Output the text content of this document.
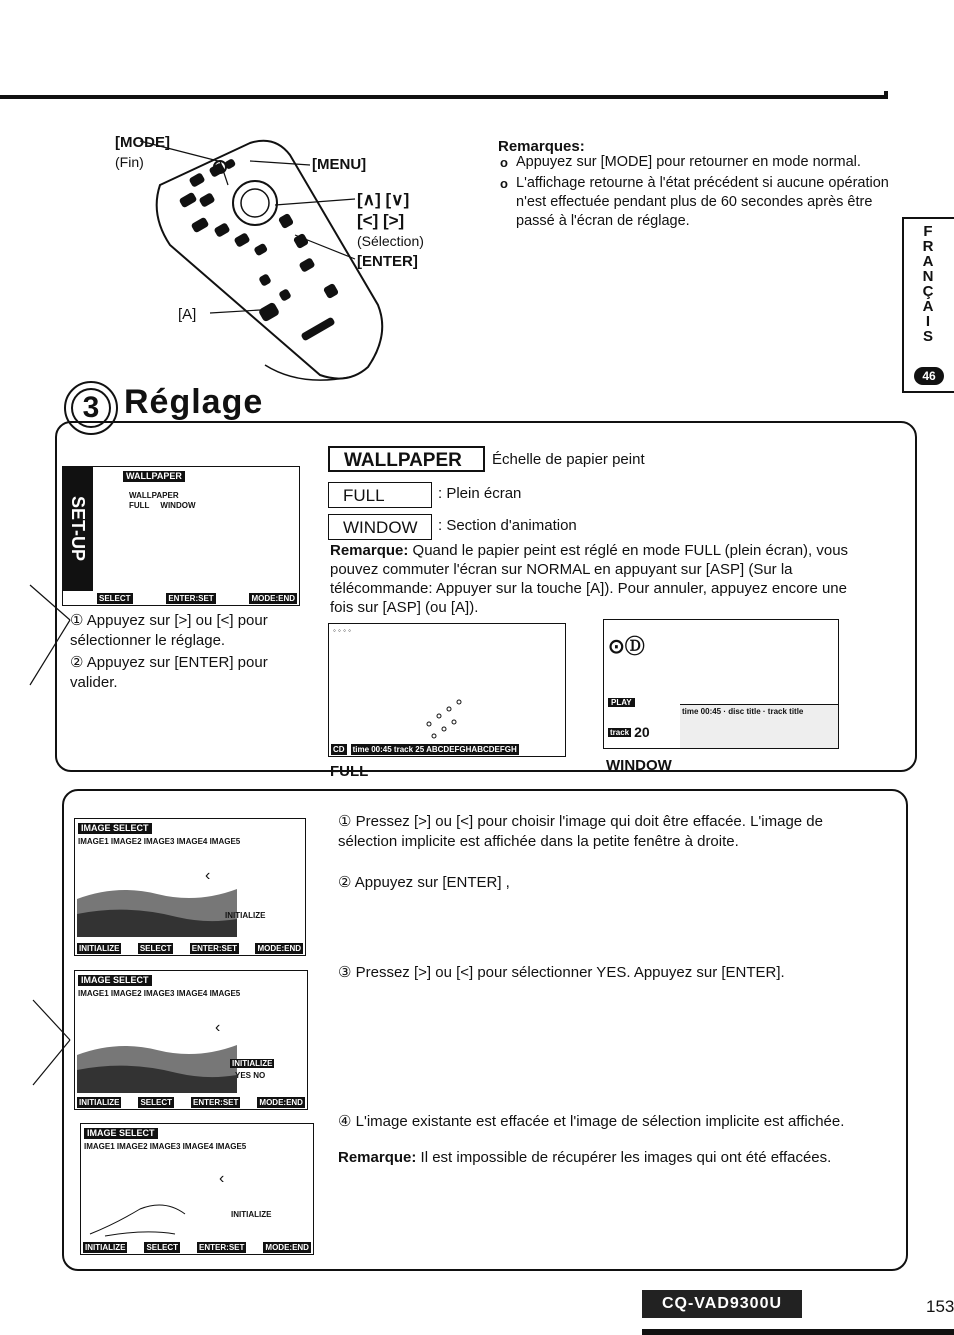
[MODE]
(Fin)	[MENU]
[∧] [∨]
[<] [>]
(Sélection)
[ENTER]
[A]
Remarques:
o Appuyez sur [MODE] pour retourner en mode normal.
o L'affichage retourne à l'état précédent si aucune opération n'est effectuée pendant plus de 60 secondes après être passé à l'écran de réglage.
F
R
A
N
Ç
A
I
S
46
3 Réglage
SET-UP
WALLPAPER
WALLPAPER
FULL     WINDOW
SELECT	ENTER:SET	MODE:END
① Appuyez sur [>] ou [<] pour sélectionner le réglage.
② Appuyez sur [ENTER] pour valider.
WALLPAPER	Échelle de papier peint
FULL	: Plein écran
WINDOW	: Section d'animation
Remarque: Quand le papier peint est réglé en mode FULL (plein écran), vous pouvez commuter l'écran sur NORMAL en appuyant sur [ASP] (Sur la télécommande: Appuyer sur la touche [A]). Pour annuler, appuyez encore une fois sur [ASP] (ou [A]).
◦ ◦ ◦ ◦
CD time 00:45 track 25 ABCDEFGHABCDEFGH
FULL
⊙Ⓓ
PLAY
track 20
time 00:45 · disc title · track title
WINDOW
IMAGE SELECT
IMAGE1 IMAGE2 IMAGE3 IMAGE4 IMAGE5
‹
INITIALIZE
INITIALIZE	SELECT	ENTER:SET	MODE:END
IMAGE SELECT
IMAGE1 IMAGE2 IMAGE3 IMAGE4 IMAGE5
‹
INITIALIZE
YES NO
INITIALIZE	SELECT	ENTER:SET	MODE:END
IMAGE SELECT
IMAGE1 IMAGE2 IMAGE3 IMAGE4 IMAGE5
‹
INITIALIZE
INITIALIZE	SELECT	ENTER:SET	MODE:END
① Pressez [>] ou [<] pour choisir l'image qui doit être effacée. L'image de sélection implicite est affichée dans la petite fenêtre à droite.
② Appuyez sur [ENTER] ,
③ Pressez [>] ou [<] pour sélectionner YES. Appuyez sur [ENTER].
④ L'image existante est effacée et l'image de sélection implicite est affichée.
Remarque: Il est impossible de récupérer les images qui ont été effacées.
CQ-VAD9300U	153
